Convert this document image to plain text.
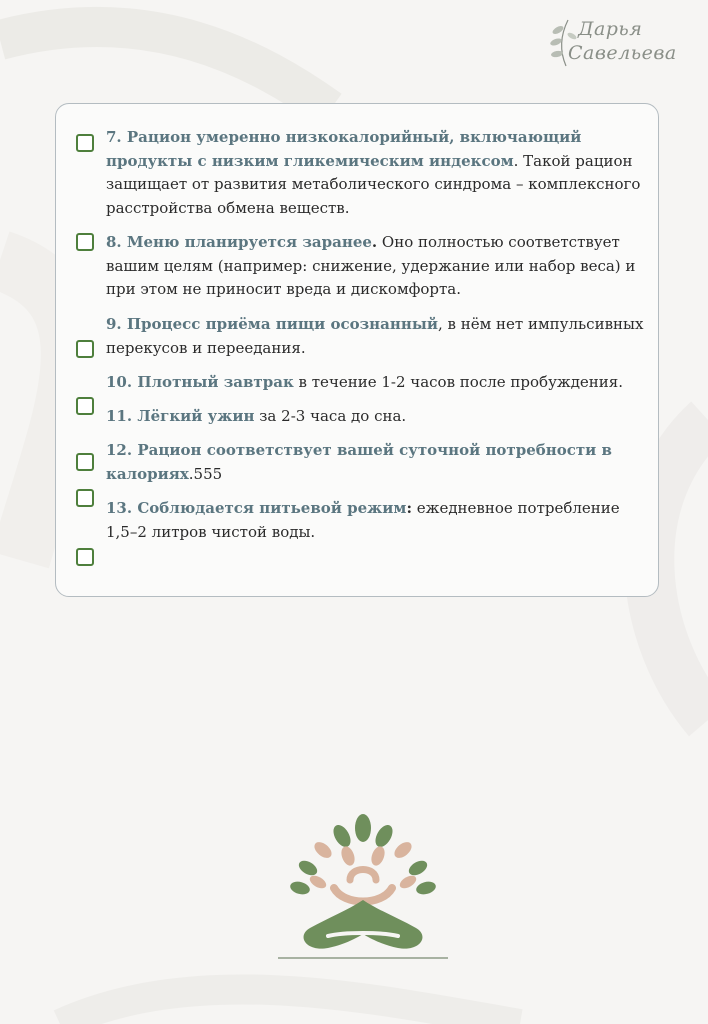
Дарья
Савельева
7. Рацион умеренно низкокалорийный, включающий продукты с низким гликемическим индексом. Такой рацион защищает от развития метаболического синдрома – комплексного расстройства обмена веществ.
8. Меню планируется заранее. Оно полностью соответствует вашим целям (например: снижение, удержание или набор веса) и при этом не приносит вреда и дискомфорта.
9. Процесс приёма пищи осознанный, в нём нет импульсивных перекусов и переедания.
10. Плотный завтрак в течение 1-2 часов после пробуждения.
11. Лёгкий ужин за 2-3 часа до сна.
12. Рацион соответствует вашей суточной потребности в калориях.555
13. Соблюдается питьевой режим: ежедневное потребление 1,5–2 литров чистой воды.
